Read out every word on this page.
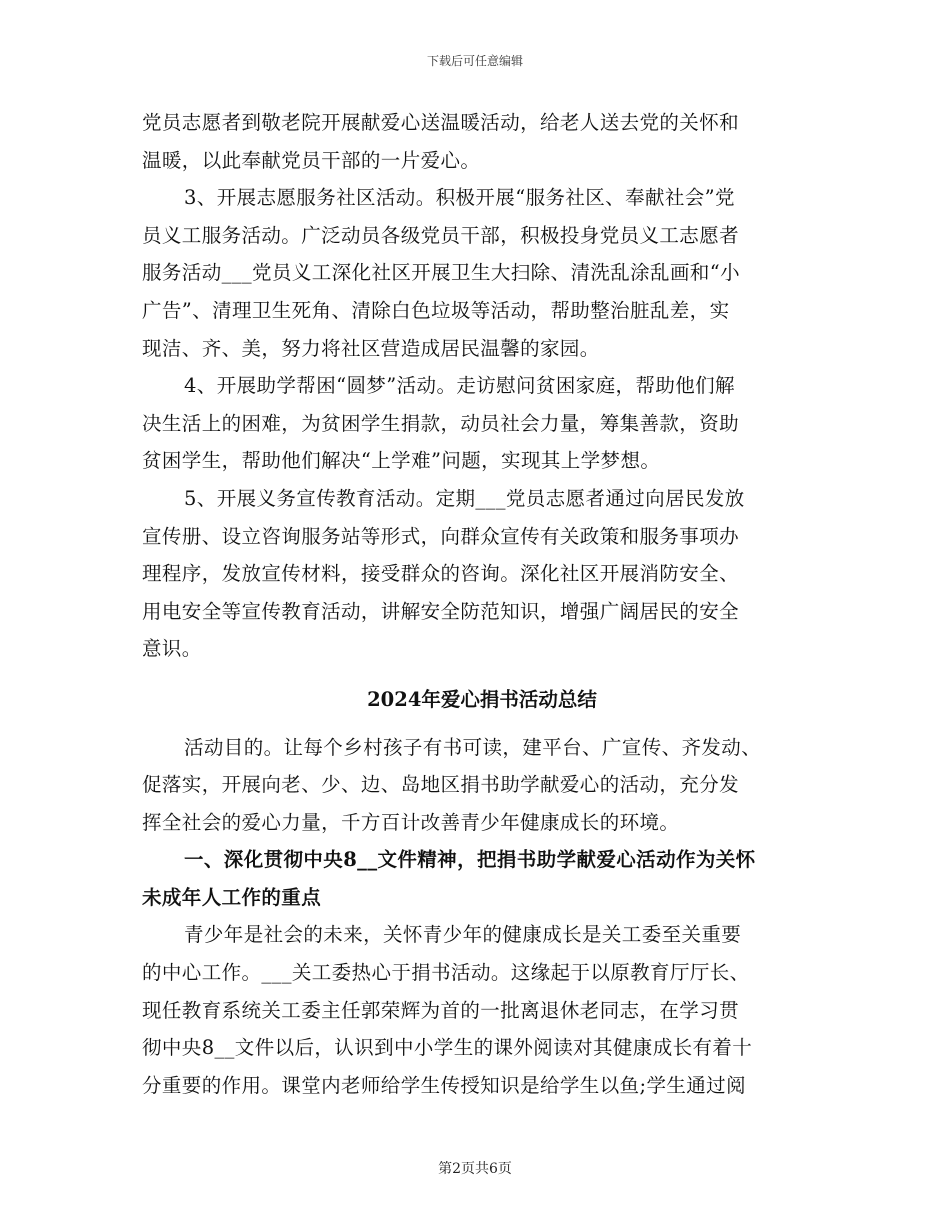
下载后可任意编辑
党员志愿者到敬老院开展献爱心送温暖活动，给老人送去党的关怀和
温暖，以此奉献党员干部的一片爱心。
3、开展志愿服务社区活动。积极开展“服务社区、奉献社会”党
员义工服务活动。广泛动员各级党员干部，积极投身党员义工志愿者
服务活动___党员义工深化社区开展卫生大扫除、清洗乱涂乱画和“小
广告”、清理卫生死角、清除白色垃圾等活动，帮助整治脏乱差，实
现洁、齐、美，努力将社区营造成居民温馨的家园。
4、开展助学帮困“圆梦”活动。走访慰问贫困家庭，帮助他们解
决生活上的困难，为贫困学生捐款，动员社会力量，筹集善款，资助
贫困学生，帮助他们解决“上学难”问题，实现其上学梦想。
5、开展义务宣传教育活动。定期___党员志愿者通过向居民发放
宣传册、设立咨询服务站等形式，向群众宣传有关政策和服务事项办
理程序，发放宣传材料，接受群众的咨询。深化社区开展消防安全、
用电安全等宣传教育活动，讲解安全防范知识，增强广阔居民的安全
意识。
2024年爱心捐书活动总结
活动目的。让每个乡村孩子有书可读，建平台、广宣传、齐发动、
促落实，开展向老、少、边、岛地区捐书助学献爱心的活动，充分发
挥全社会的爱心力量，千方百计改善青少年健康成长的环境。
一、深化贯彻中央8__文件精神，把捐书助学献爱心活动作为关怀
未成年人工作的重点
青少年是社会的未来，关怀青少年的健康成长是关工委至关重要
的中心工作。___关工委热心于捐书活动。这缘起于以原教育厅厅长、
现任教育系统关工委主任郭荣辉为首的一批离退休老同志，在学习贯
彻中央8__文件以后，认识到中小学生的课外阅读对其健康成长有着十
分重要的作用。课堂内老师给学生传授知识是给学生以鱼;学生通过阅
第2页共6页
